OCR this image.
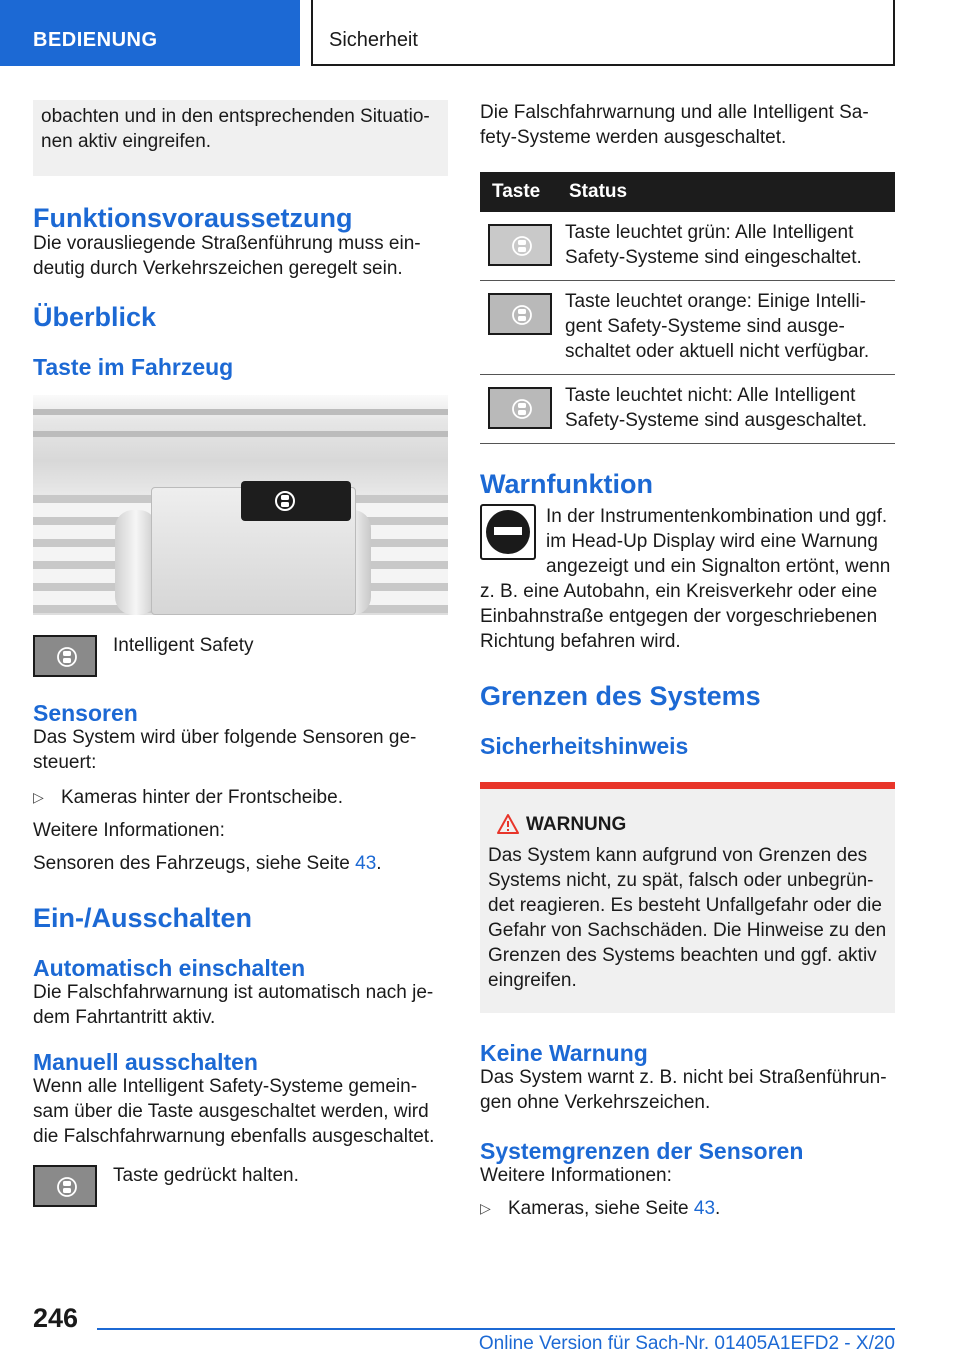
BEDIENUNG	Sicherheit
obachten und in den entsprechenden Situatio-nen aktiv eingreifen.
Funktionsvoraussetzung
Die vorausliegende Straßenführung muss ein-deutig durch Verkehrszeichen geregelt sein.
Überblick
Taste im Fahrzeug
Intelligent Safety
Sensoren
Das System wird über folgende Sensoren ge-steuert:
▷ Kameras hinter der Frontscheibe.
Weitere Informationen:
Sensoren des Fahrzeugs, siehe Seite 43.
Ein-/Ausschalten
Automatisch einschalten
Die Falschfahrwarnung ist automatisch nach je-dem Fahrtantritt aktiv.
Manuell ausschalten
Wenn alle Intelligent Safety-Systeme gemein-sam über die Taste ausgeschaltet werden, wird die Falschfahrwarnung ebenfalls ausgeschaltet.
Taste gedrückt halten.
Die Falschfahrwarnung und alle Intelligent Sa-fety-Systeme werden ausgeschaltet.
Taste	Status

	Taste leuchtet grün: Alle Intelligent Safety-Systeme sind eingeschaltet.

	Taste leuchtet orange: Einige Intelli-gent Safety-Systeme sind ausge-schaltet oder aktuell nicht verfügbar.

	Taste leuchtet nicht: Alle Intelligent Safety-Systeme sind ausgeschaltet.
Warnfunktion
In der Instrumentenkombination und ggf. im Head-Up Display wird eine Warnung angezeigt und ein Signalton ertönt, wenn
z. B. eine Autobahn, ein Kreisverkehr oder eine Einbahnstraße entgegen der vorgeschriebenen Richtung befahren wird.
Grenzen des Systems
Sicherheitshinweis
WARNUNG
Das System kann aufgrund von Grenzen des Systems nicht, zu spät, falsch oder unbegrün-det reagieren. Es besteht Unfallgefahr oder die Gefahr von Sachschäden. Die Hinweise zu den Grenzen des Systems beachten und ggf. aktiv eingreifen.
Keine Warnung
Das System warnt z. B. nicht bei Straßenführun-gen ohne Verkehrszeichen.
Systemgrenzen der Sensoren
Weitere Informationen:
▷ Kameras, siehe Seite 43.
246
Online Version für Sach-Nr. 01405A1EFD2 - X/20
